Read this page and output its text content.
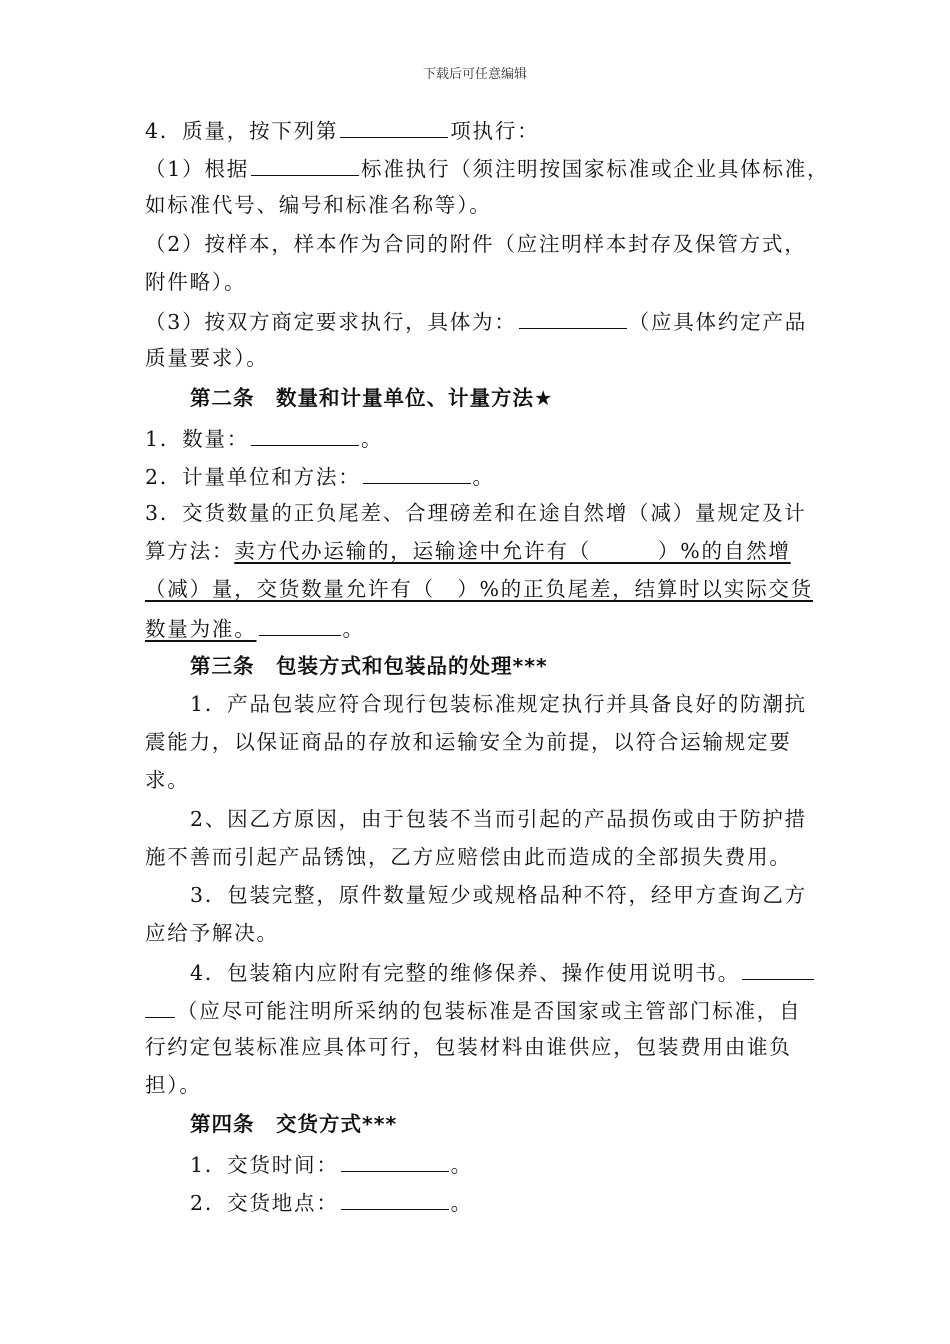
下载后可任意编辑
4．质量，按下列第	项执行：
（1）根据	标准执行（须注明按国家标准或企业具体标准，
如标准代号、编号和标准名称等）。
（2）按样本，样本作为合同的附件（应注明样本封存及保管方式，
附件略）。
（3）按双方商定要求执行，具体为：	（应具体约定产品
质量要求）。
第二条　数量和计量单位、计量方法★
1．数量：	。
2．计量单位和方法：	。
3．交货数量的正负尾差、合理磅差和在途自然增（减）量规定及计
算方法：卖方代办运输的，运输途中允许有（　　　）%的自然增
（减）量，交货数量允许有（　）%的正负尾差，结算时以实际交货
数量为准。	。
第三条　包装方式和包装品的处理***
1．产品包装应符合现行包装标准规定执行并具备良好的防潮抗
震能力，以保证商品的存放和运输安全为前提，以符合运输规定要
求。
2、因乙方原因，由于包装不当而引起的产品损伤或由于防护措
施不善而引起产品锈蚀，乙方应赔偿由此而造成的全部损失费用。
3．包装完整，原件数量短少或规格品种不符，经甲方查询乙方
应给予解决。
4．包装箱内应附有完整的维修保养、操作使用说明书。
（应尽可能注明所采纳的包装标准是否国家或主管部门标准，自
行约定包装标准应具体可行，包装材料由谁供应，包装费用由谁负
担）。
第四条　交货方式***
1．交货时间：	。
2．交货地点：	。
